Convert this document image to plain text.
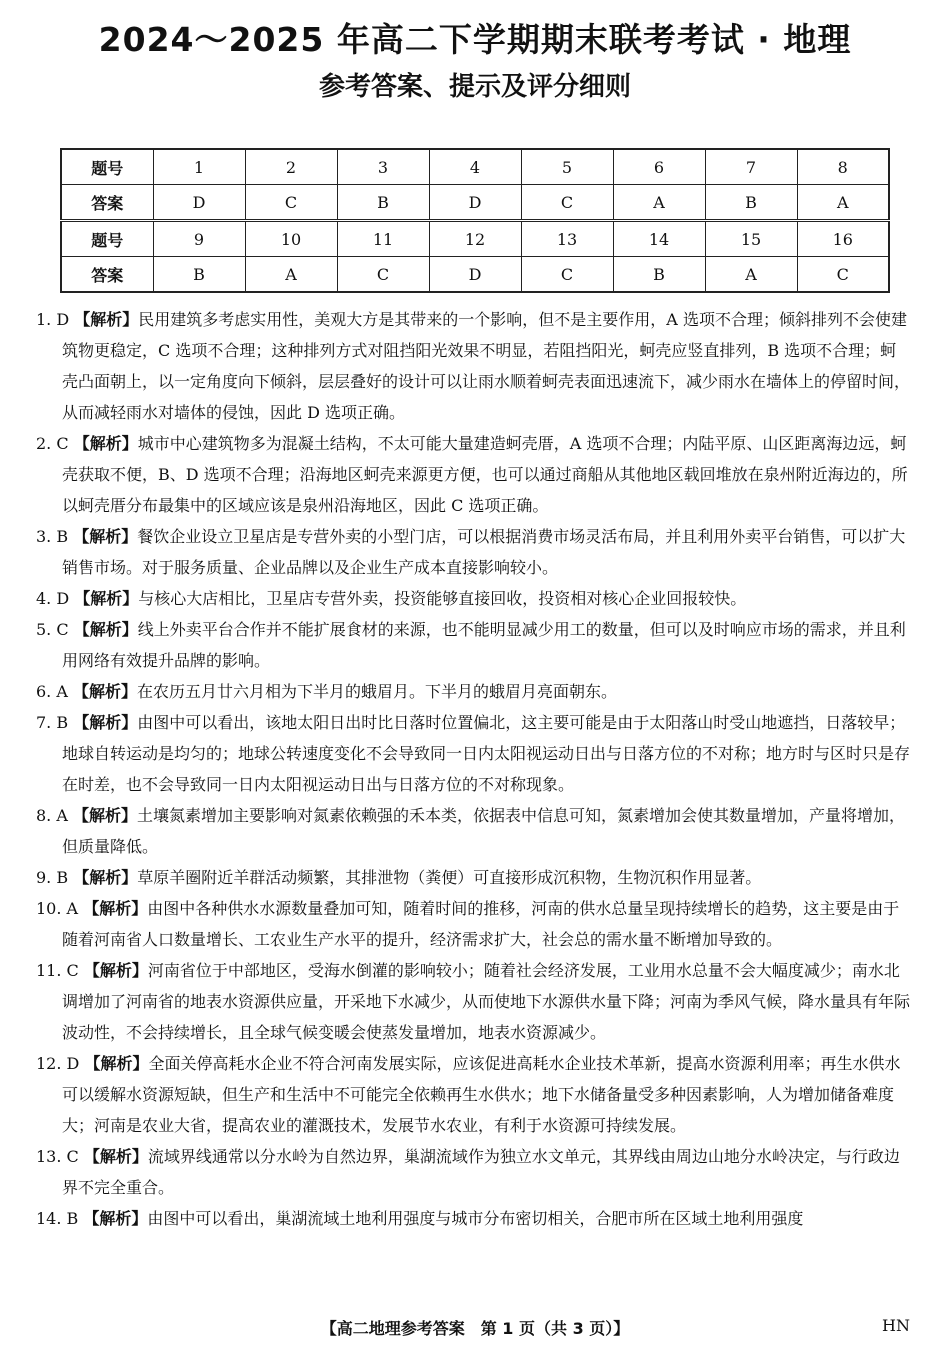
2024～2025 年高二下学期期末联考考试 · 地理
参考答案、提示及评分细则
题号	1	2	3	4	5	6	7	8
答案	D	C	B	D	C	A	B	A
题号	9	10	11	12	13	14	15	16
答案	B	A	C	D	C	B	A	C

1. D 【解析】民用建筑多考虑实用性，美观大方是其带来的一个影响，但不是主要作用，A 选项不合理；倾斜排列不会使建筑物更稳定，C 选项不合理；这种排列方式对阻挡阳光效果不明显，若阻挡阳光，蚵壳应竖直排列，B 选项不合理；蚵壳凸面朝上，以一定角度向下倾斜，层层叠好的设计可以让雨水顺着蚵壳表面迅速流下，减少雨水在墙体上的停留时间，从而减轻雨水对墙体的侵蚀，因此 D 选项正确。

2. C 【解析】城市中心建筑物多为混凝土结构，不太可能大量建造蚵壳厝，A 选项不合理；内陆平原、山区距离海边远，蚵壳获取不便，B、D 选项不合理；沿海地区蚵壳来源更方便，也可以通过商船从其他地区载回堆放在泉州附近海边的，所以蚵壳厝分布最集中的区域应该是泉州沿海地区，因此 C 选项正确。

3. B 【解析】餐饮企业设立卫星店是专营外卖的小型门店，可以根据消费市场灵活布局，并且利用外卖平台销售，可以扩大销售市场。对于服务质量、企业品牌以及企业生产成本直接影响较小。

4. D 【解析】与核心大店相比，卫星店专营外卖，投资能够直接回收，投资相对核心企业回报较快。

5. C 【解析】线上外卖平台合作并不能扩展食材的来源，也不能明显减少用工的数量，但可以及时响应市场的需求，并且利用网络有效提升品牌的影响。

6. A 【解析】在农历五月廿六月相为下半月的蛾眉月。下半月的蛾眉月亮面朝东。

7. B 【解析】由图中可以看出，该地太阳日出时比日落时位置偏北，这主要可能是由于太阳落山时受山地遮挡，日落较早；地球自转运动是均匀的；地球公转速度变化不会导致同一日内太阳视运动日出与日落方位的不对称；地方时与区时只是存在时差，也不会导致同一日内太阳视运动日出与日落方位的不对称现象。

8. A 【解析】土壤氮素增加主要影响对氮素依赖强的禾本类，依据表中信息可知，氮素增加会使其数量增加，产量将增加，但质量降低。

9. B 【解析】草原羊圈附近羊群活动频繁，其排泄物（粪便）可直接形成沉积物，生物沉积作用显著。

10. A 【解析】由图中各种供水水源数量叠加可知，随着时间的推移，河南的供水总量呈现持续增长的趋势，这主要是由于随着河南省人口数量增长、工农业生产水平的提升，经济需求扩大，社会总的需水量不断增加导致的。

11. C 【解析】河南省位于中部地区，受海水倒灌的影响较小；随着社会经济发展，工业用水总量不会大幅度减少；南水北调增加了河南省的地表水资源供应量，开采地下水减少，从而使地下水源供水量下降；河南为季风气候，降水量具有年际波动性，不会持续增长，且全球气候变暖会使蒸发量增加，地表水资源减少。

12. D 【解析】全面关停高耗水企业不符合河南发展实际，应该促进高耗水企业技术革新，提高水资源利用率；再生水供水可以缓解水资源短缺，但生产和生活中不可能完全依赖再生水供水；地下水储备量受多种因素影响，人为增加储备难度大；河南是农业大省，提高农业的灌溉技术，发展节水农业，有利于水资源可持续发展。

13. C 【解析】流域界线通常以分水岭为自然边界，巢湖流域作为独立水文单元，其界线由周边山地分水岭决定，与行政边界不完全重合。

14. B 【解析】由图中可以看出，巢湖流域土地利用强度与城市分布密切相关，合肥市所在区域土地利用强度

【高二地理参考答案　第 1 页（共 3 页）】	HN
